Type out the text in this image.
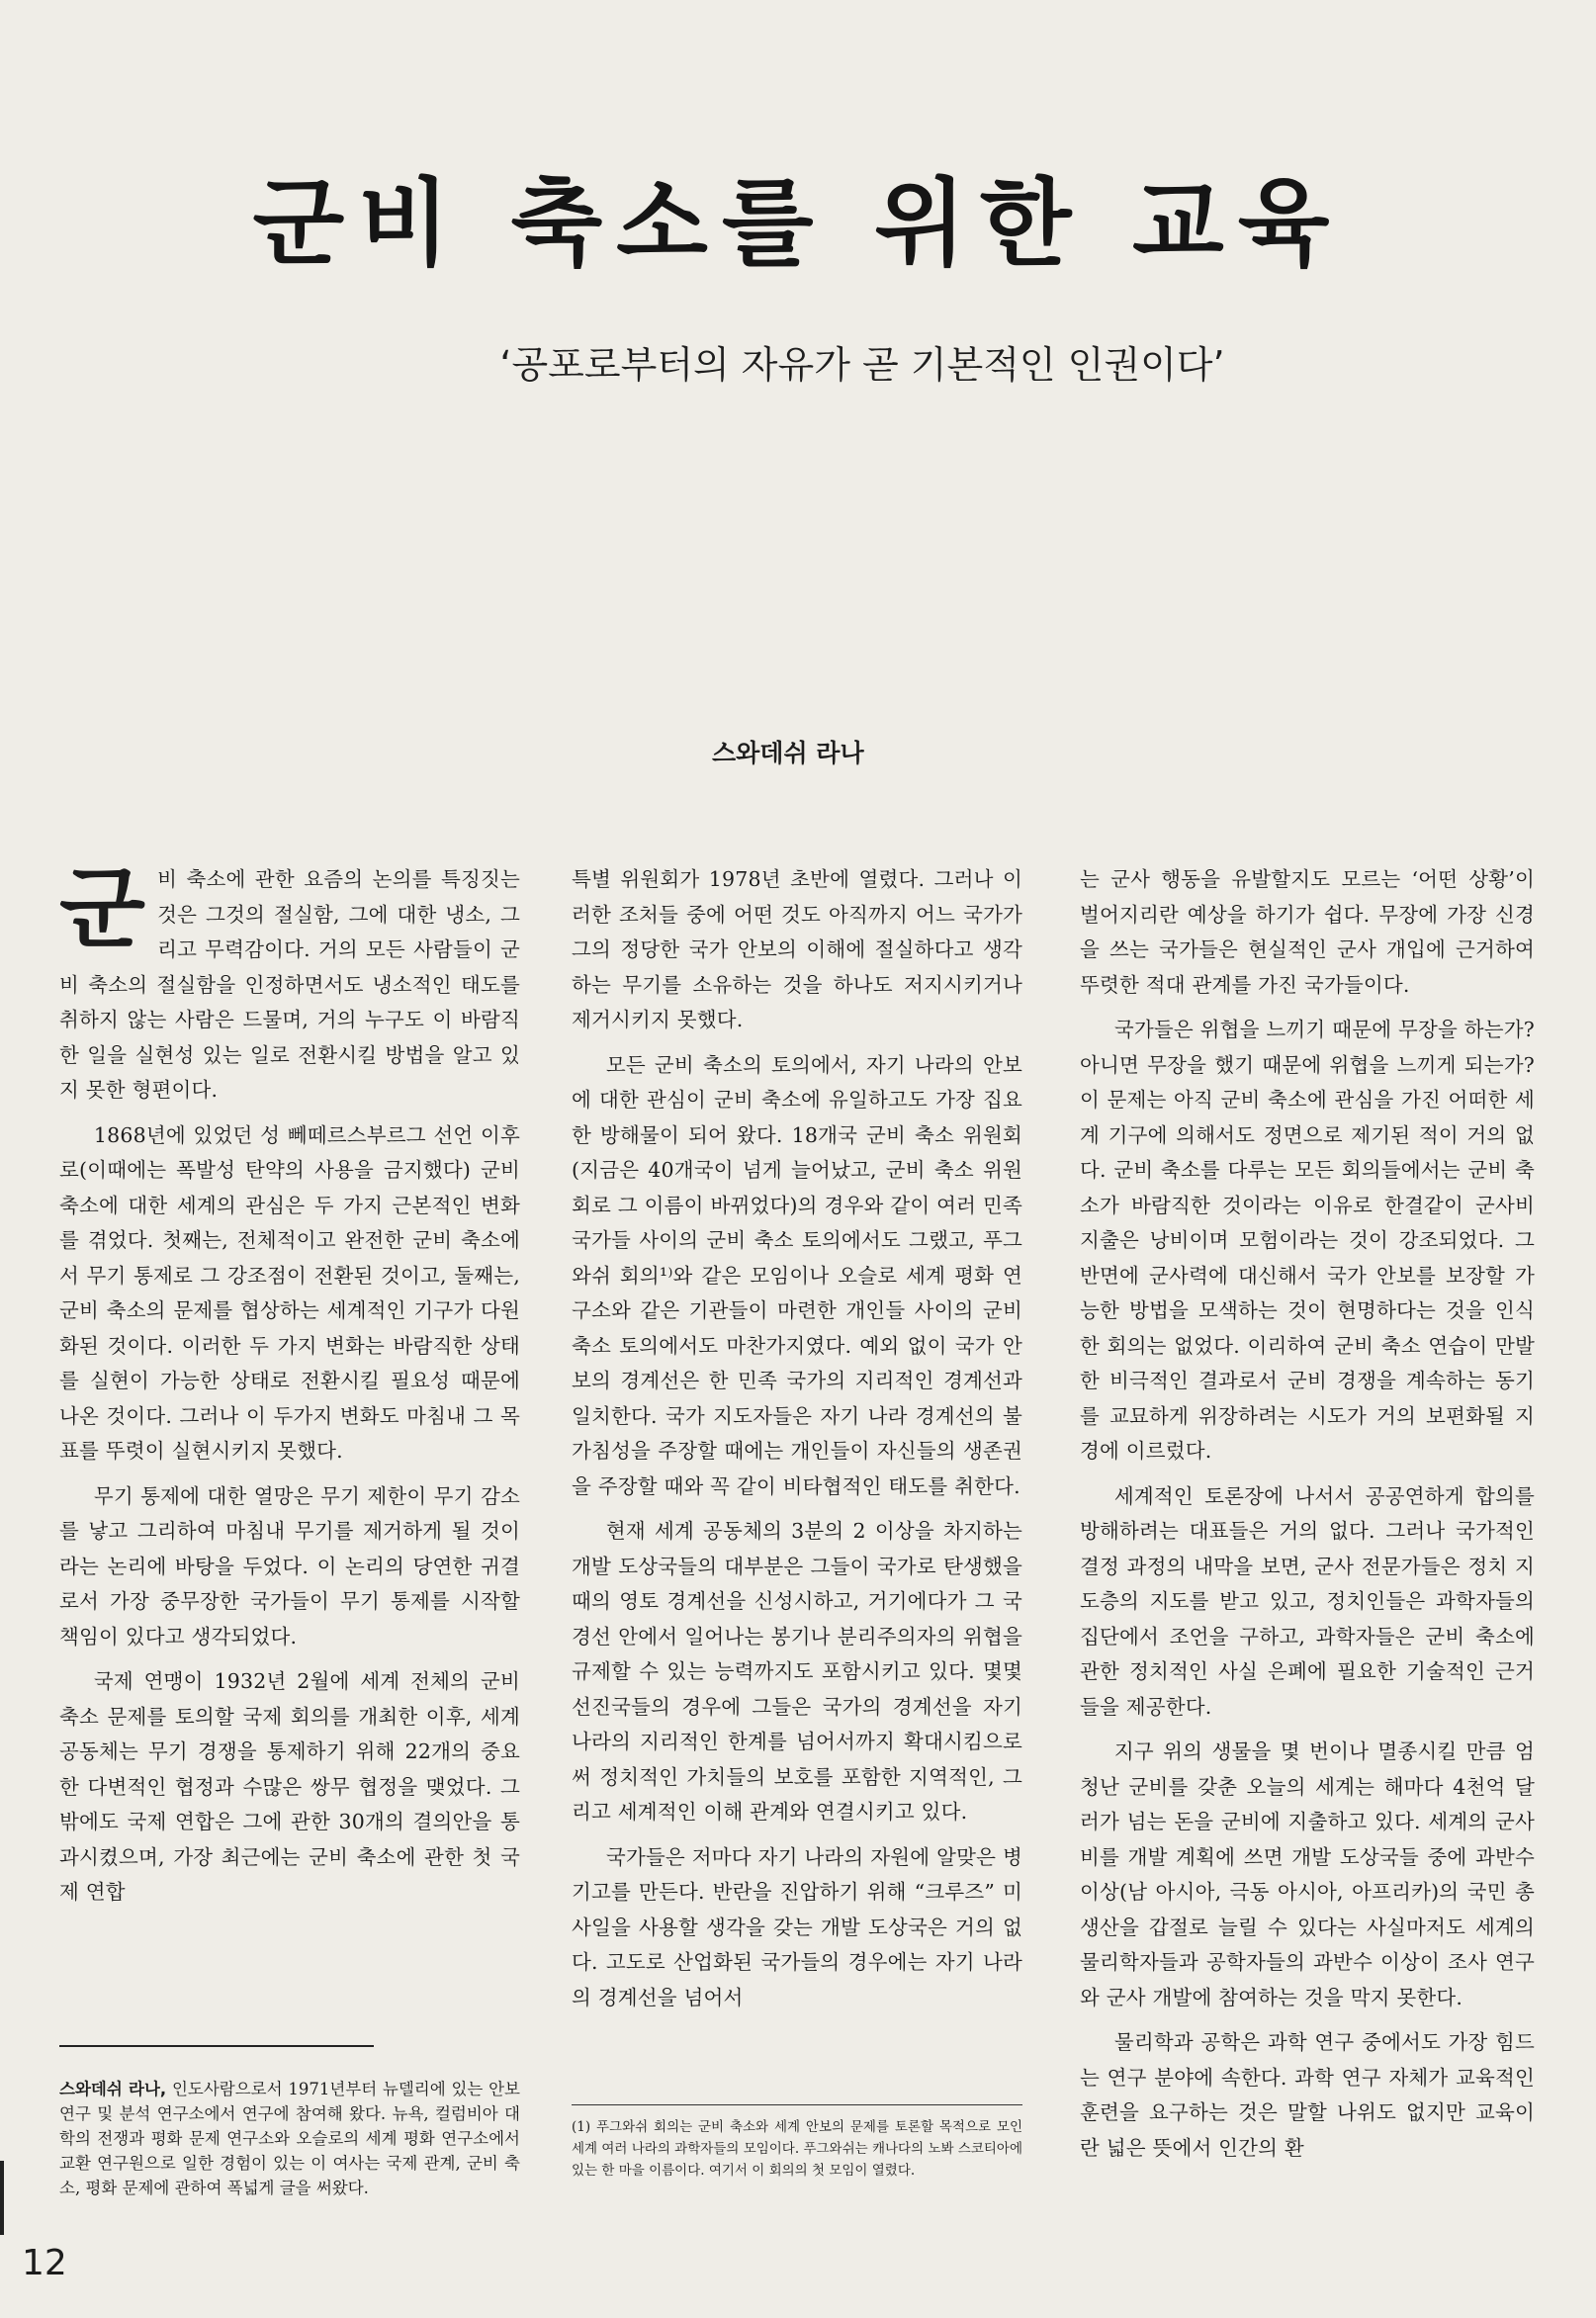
군비 축소를 위한 교육
‘공포로부터의 자유가 곧 기본적인 인권이다’
스와데쉬 라나

군비 축소에 관한 요즘의 논의를 특징짓는 것은 그것의 절실함, 그에 대한 냉소, 그리고 무력감이다. 거의 모든 사람들이 군비 축소의 절실함을 인정하면서도 냉소적인 태도를 취하지 않는 사람은 드물며, 거의 누구도 이 바람직한 일을 실현성 있는 일로 전환시킬 방법을 알고 있지 못한 형편이다.

1868년에 있었던 성 뻬떼르스부르그 선언 이후로(이때에는 폭발성 탄약의 사용을 금지했다) 군비 축소에 대한 세계의 관심은 두 가지 근본적인 변화를 겪었다. 첫째는, 전체적이고 완전한 군비 축소에서 무기 통제로 그 강조점이 전환된 것이고, 둘째는, 군비 축소의 문제를 협상하는 세계적인 기구가 다원화된 것이다. 이러한 두 가지 변화는 바람직한 상태를 실현이 가능한 상태로 전환시킬 필요성 때문에 나온 것이다. 그러나 이 두가지 변화도 마침내 그 목표를 뚜렷이 실현시키지 못했다.

무기 통제에 대한 열망은 무기 제한이 무기 감소를 낳고 그리하여 마침내 무기를 제거하게 될 것이라는 논리에 바탕을 두었다. 이 논리의 당연한 귀결로서 가장 중무장한 국가들이 무기 통제를 시작할 책임이 있다고 생각되었다.

국제 연맹이 1932년 2월에 세계 전체의 군비 축소 문제를 토의할 국제 회의를 개최한 이후, 세계 공동체는 무기 경쟁을 통제하기 위해 22개의 중요한 다변적인 협정과 수많은 쌍무 협정을 맺었다. 그 밖에도 국제 연합은 그에 관한 30개의 결의안을 통과시켰으며, 가장 최근에는 군비 축소에 관한 첫 국제 연합

특별 위원회가 1978년 초반에 열렸다. 그러나 이러한 조처들 중에 어떤 것도 아직까지 어느 국가가 그의 정당한 국가 안보의 이해에 절실하다고 생각하는 무기를 소유하는 것을 하나도 저지시키거나 제거시키지 못했다.

모든 군비 축소의 토의에서, 자기 나라의 안보에 대한 관심이 군비 축소에 유일하고도 가장 집요한 방해물이 되어 왔다. 18개국 군비 축소 위원회(지금은 40개국이 넘게 늘어났고, 군비 축소 위원회로 그 이름이 바뀌었다)의 경우와 같이 여러 민족 국가들 사이의 군비 축소 토의에서도 그랬고, 푸그와쉬 회의¹⁾와 같은 모임이나 오슬로 세계 평화 연구소와 같은 기관들이 마련한 개인들 사이의 군비 축소 토의에서도 마찬가지였다. 예외 없이 국가 안보의 경계선은 한 민족 국가의 지리적인 경계선과 일치한다. 국가 지도자들은 자기 나라 경계선의 불가침성을 주장할 때에는 개인들이 자신들의 생존권을 주장할 때와 꼭 같이 비타협적인 태도를 취한다.

현재 세계 공동체의 3분의 2 이상을 차지하는 개발 도상국들의 대부분은 그들이 국가로 탄생했을 때의 영토 경계선을 신성시하고, 거기에다가 그 국경선 안에서 일어나는 봉기나 분리주의자의 위협을 규제할 수 있는 능력까지도 포함시키고 있다. 몇몇 선진국들의 경우에 그들은 국가의 경계선을 자기 나라의 지리적인 한계를 넘어서까지 확대시킴으로써 정치적인 가치들의 보호를 포함한 지역적인, 그리고 세계적인 이해 관계와 연결시키고 있다.

국가들은 저마다 자기 나라의 자원에 알맞은 병기고를 만든다. 반란을 진압하기 위해 “크루즈” 미사일을 사용할 생각을 갖는 개발 도상국은 거의 없다. 고도로 산업화된 국가들의 경우에는 자기 나라의 경계선을 넘어서

는 군사 행동을 유발할지도 모르는 ‘어떤 상황’이 벌어지리란 예상을 하기가 쉽다. 무장에 가장 신경을 쓰는 국가들은 현실적인 군사 개입에 근거하여 뚜렷한 적대 관계를 가진 국가들이다.

국가들은 위협을 느끼기 때문에 무장을 하는가? 아니면 무장을 했기 때문에 위협을 느끼게 되는가? 이 문제는 아직 군비 축소에 관심을 가진 어떠한 세계 기구에 의해서도 정면으로 제기된 적이 거의 없다. 군비 축소를 다루는 모든 회의들에서는 군비 축소가 바람직한 것이라는 이유로 한결같이 군사비 지출은 낭비이며 모험이라는 것이 강조되었다. 그 반면에 군사력에 대신해서 국가 안보를 보장할 가능한 방법을 모색하는 것이 현명하다는 것을 인식한 회의는 없었다. 이리하여 군비 축소 연습이 만발한 비극적인 결과로서 군비 경쟁을 계속하는 동기를 교묘하게 위장하려는 시도가 거의 보편화될 지경에 이르렀다.

세계적인 토론장에 나서서 공공연하게 합의를 방해하려는 대표들은 거의 없다. 그러나 국가적인 결정 과정의 내막을 보면, 군사 전문가들은 정치 지도층의 지도를 받고 있고, 정치인들은 과학자들의 집단에서 조언을 구하고, 과학자들은 군비 축소에 관한 정치적인 사실 은폐에 필요한 기술적인 근거들을 제공한다.

지구 위의 생물을 몇 번이나 멸종시킬 만큼 엄청난 군비를 갖춘 오늘의 세계는 해마다 4천억 달러가 넘는 돈을 군비에 지출하고 있다. 세계의 군사비를 개발 계획에 쓰면 개발 도상국들 중에 과반수 이상(남 아시아, 극동 아시아, 아프리카)의 국민 총생산을 갑절로 늘릴 수 있다는 사실마저도 세계의 물리학자들과 공학자들의 과반수 이상이 조사 연구와 군사 개발에 참여하는 것을 막지 못한다.

물리학과 공학은 과학 연구 중에서도 가장 힘드는 연구 분야에 속한다. 과학 연구 자체가 교육적인 훈련을 요구하는 것은 말할 나위도 없지만 교육이란 넓은 뜻에서 인간의 환

스와데쉬 라나, 인도사람으로서 1971년부터 뉴델리에 있는 안보 연구 및 분석 연구소에서 연구에 참여해 왔다. 뉴욕, 컬럼비아 대학의 전쟁과 평화 문제 연구소와 오슬로의 세계 평화 연구소에서 교환 연구원으로 일한 경험이 있는 이 여사는 국제 관계, 군비 축소, 평화 문제에 관하여 폭넓게 글을 써왔다.
(1) 푸그와쉬 회의는 군비 축소와 세계 안보의 문제를 토론할 목적으로 모인 세계 여러 나라의 과학자들의 모임이다. 푸그와쉬는 캐나다의 노봐 스코티아에 있는 한 마을 이름이다. 여기서 이 회의의 첫 모임이 열렸다.
12
